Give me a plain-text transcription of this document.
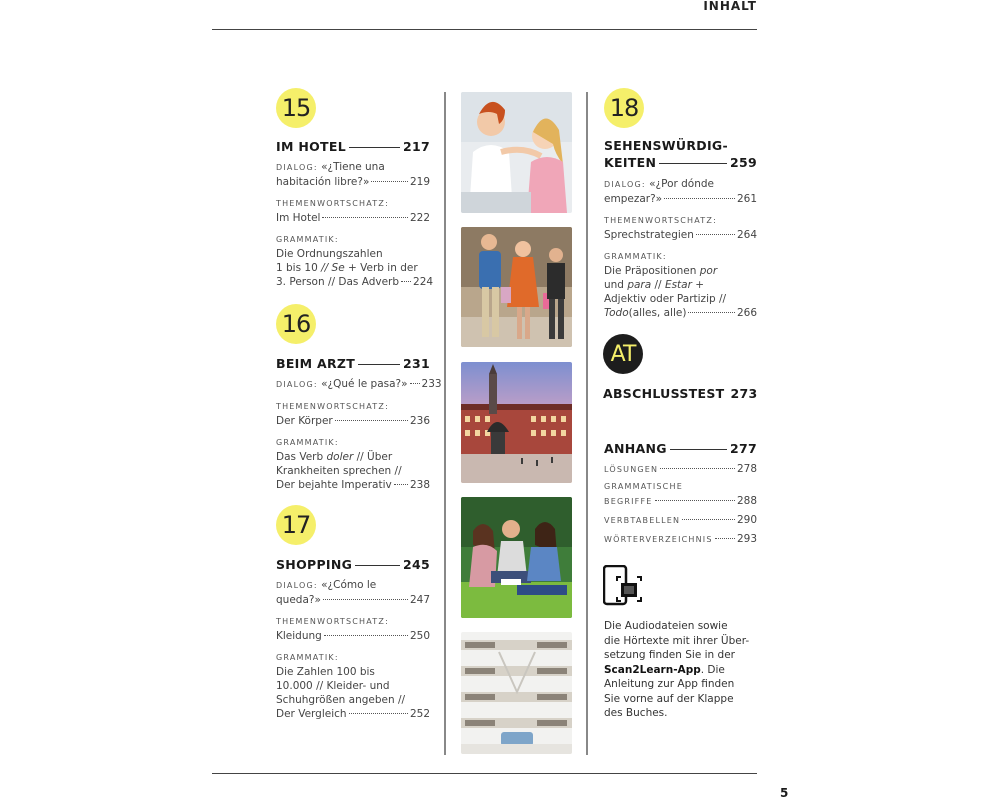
INHALT
5
15
IM HOTEL	217
DIALOG: «¿Tiene una
habitación libre?»	219
THEMENWORTSCHATZ:
Im Hotel	222
GRAMMATIK:
Die Ordnungszahlen
1 bis 10 // Se + Verb in der
3. Person // Das Adverb 224
16
BEIM ARZT	231
DIALOG:
«¿Qué le pasa?» 233
THEMENWORTSCHATZ:
Der Körper	236
GRAMMATIK:
Das Verb doler // Über
Krankheiten sprechen //
Der bejahte Imperativ 238
17
SHOPPING	245
DIALOG: «¿Cómo le
queda?»	247
THEMENWORTSCHATZ:
Kleidung	250
GRAMMATIK:
Die Zahlen 100 bis
10.000 // Kleider- und
Schuhgrößen angeben //
Der Vergleich	252
18
SEHENSWÜRDIG-
KEITEN	259
DIALOG: «¿Por dónde
empezar?»	261
THEMENWORTSCHATZ:
Sprechstrategien	264
GRAMMATIK:
Die Präpositionen por
und para // Estar +
Adjektiv oder Partizip //
Todo (alles, alle)	266
AT
ABSCHLUSSTEST 273
ANHANG	277
LÖSUNGEN	278
GRAMMATISCHE
BEGRIFFE	288
VERBTABELLEN	290
WÖRTERVERZEICHNIS 293
Die Audiodateien sowie
die Hörtexte mit ihrer Über-
setzung finden Sie in der
Scan2Learn-App. Die
Anleitung zur App finden
Sie vorne auf der Klappe
des Buches.
